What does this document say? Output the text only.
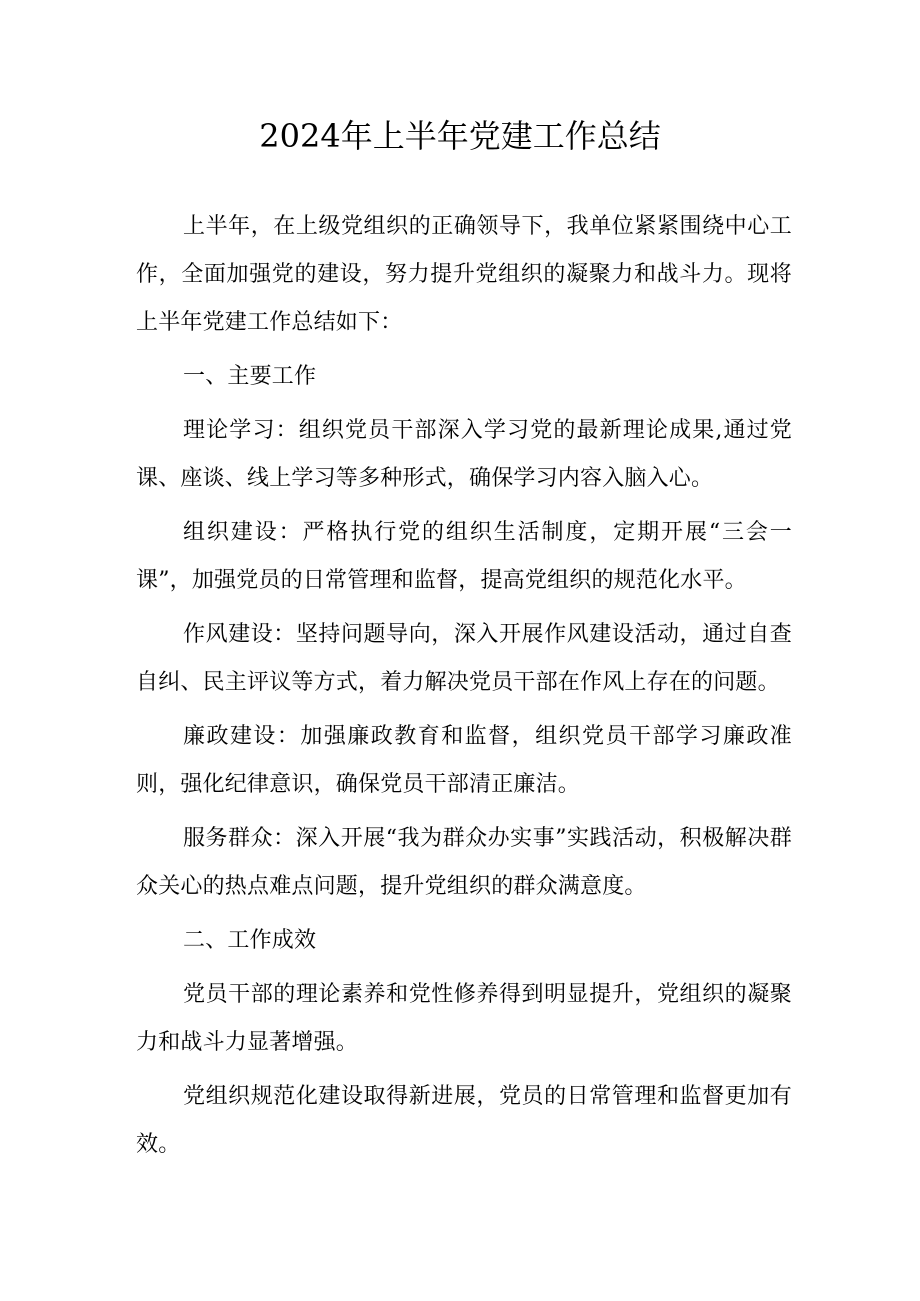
2024年上半年党建工作总结

上半年，在上级党组织的正确领导下，我单位紧紧围绕中心工作，全面加强党的建设，努力提升党组织的凝聚力和战斗力。现将上半年党建工作总结如下：

一、主要工作

理论学习：组织党员干部深入学习党的最新理论成果,通过党课、座谈、线上学习等多种形式，确保学习内容入脑入心。

组织建设：严格执行党的组织生活制度，定期开展“三会一课”，加强党员的日常管理和监督，提高党组织的规范化水平。

作风建设：坚持问题导向，深入开展作风建设活动，通过自查自纠、民主评议等方式，着力解决党员干部在作风上存在的问题。

廉政建设：加强廉政教育和监督，组织党员干部学习廉政准则，强化纪律意识，确保党员干部清正廉洁。

服务群众：深入开展“我为群众办实事”实践活动，积极解决群众关心的热点难点问题，提升党组织的群众满意度。

二、工作成效

党员干部的理论素养和党性修养得到明显提升，党组织的凝聚力和战斗力显著增强。

党组织规范化建设取得新进展，党员的日常管理和监督更加有效。
